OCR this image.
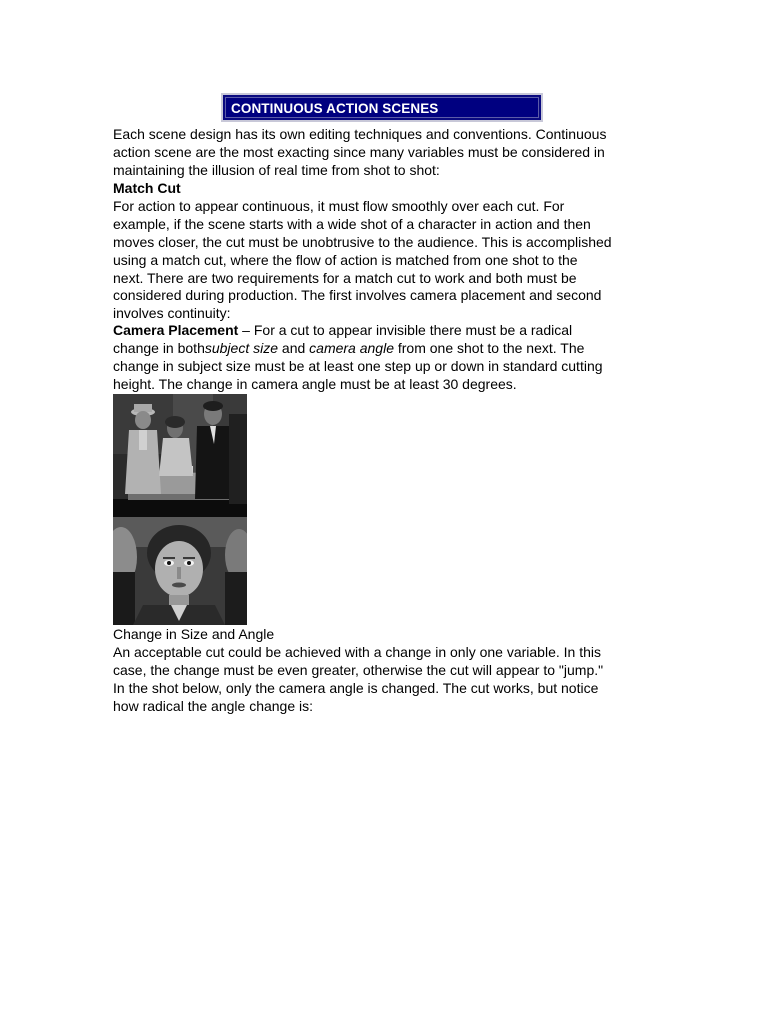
CONTINUOUS ACTION SCENES
Each scene design has its own editing techniques and conventions. Continuous
action scene are the most exacting since many variables must be considered in
maintaining the illusion of real time from shot to shot:
Match Cut
For action to appear continuous, it must flow smoothly over each cut. For
example, if the scene starts with a wide shot of a character in action and then
moves closer, the cut must be unobtrusive to the audience. This is accomplished
using a match cut, where the flow of action is matched from one shot to the
next. There are two requirements for a match cut to work and both must be
considered during production. The first involves camera placement and second
involves continuity:
Camera Placement – For a cut to appear invisible there must be a radical
change in bothsubject size and camera angle from one shot to the next. The
change in subject size must be at least one step up or down in standard cutting
height. The change in camera angle must be at least 30 degrees.
Change in Size and Angle
An acceptable cut could be achieved with a change in only one variable. In this
case, the change must be even greater, otherwise the cut will appear to "jump."
In the shot below, only the camera angle is changed. The cut works, but notice
how radical the angle change is:
